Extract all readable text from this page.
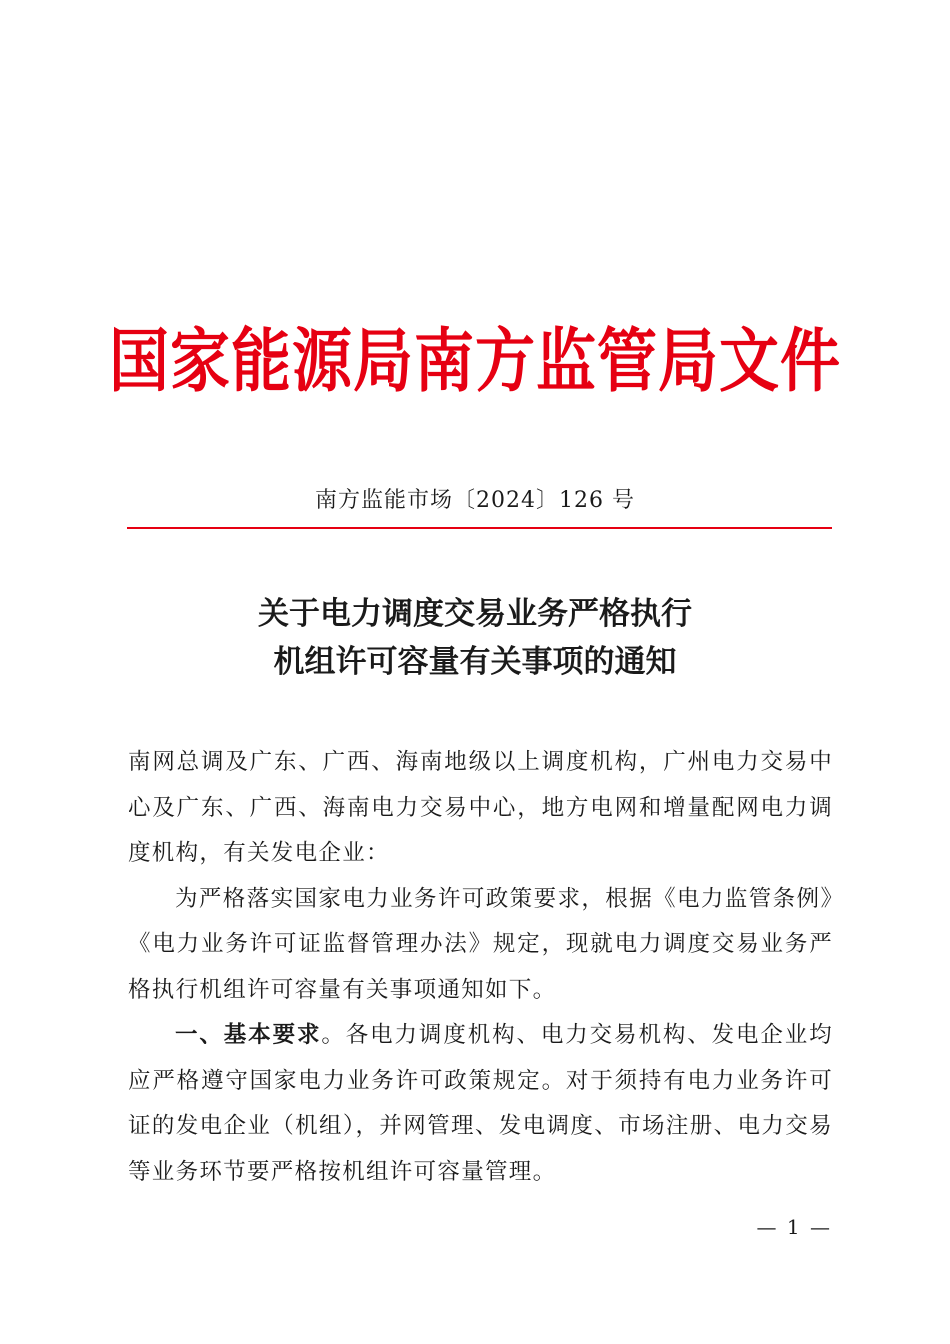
国家能源局南方监管局文件
南方监能市场〔2024〕126 号
关于电力调度交易业务严格执行
机组许可容量有关事项的通知

南网总调及广东、广西、海南地级以上调度机构，广州电力交易中心及广东、广西、海南电力交易中心，地方电网和增量配网电力调度机构，有关发电企业：

为严格落实国家电力业务许可政策要求，根据《电力监管条例》《电力业务许可证监督管理办法》规定，现就电力调度交易业务严格执行机组许可容量有关事项通知如下。

一、基本要求。各电力调度机构、电力交易机构、发电企业均应严格遵守国家电力业务许可政策规定。对于须持有电力业务许可证的发电企业（机组），并网管理、发电调度、市场注册、电力交易等业务环节要严格按机组许可容量管理。

— 1 —
